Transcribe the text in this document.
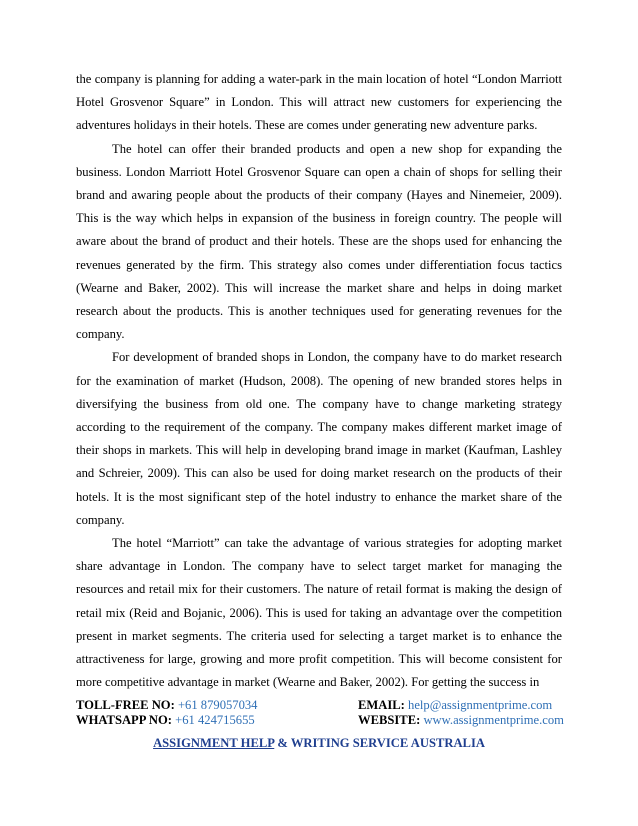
the company is planning for adding a water-park in the main location of hotel “London Marriott Hotel Grosvenor Square” in London. This will attract new customers for experiencing the adventures holidays in their hotels. These are comes under generating new adventure parks.

The hotel can offer their branded products and open a new shop for expanding the business. London Marriott Hotel Grosvenor Square can open a chain of shops for selling their brand and awaring people about the products of their company (Hayes and Ninemeier, 2009). This is the way which helps in expansion of the business in foreign country. The people will aware about the brand of product and their hotels. These are the shops used for enhancing the revenues generated by the firm. This strategy also comes under differentiation focus tactics (Wearne and Baker, 2002). This will increase the market share and helps in doing market research about the products. This is another techniques used for generating revenues for the company.

For development of branded shops in London, the company have to do market research for the examination of market (Hudson, 2008). The opening of new branded stores helps in diversifying the business from old one. The company have to change marketing strategy according to the requirement of the company. The company makes different market image of their shops in markets. This will help in developing brand image in market (Kaufman, Lashley and Schreier, 2009). This can also be used for doing market research on the products of their hotels. It is the most significant step of the hotel industry to enhance the market share of the company.

The hotel “Marriott” can take the advantage of various strategies for adopting market share advantage in London. The company have to select target market for managing the resources and retail mix for their customers. The nature of retail format is making the design of retail mix (Reid and Bojanic, 2006). This is used for taking an advantage over the competition present in market segments. The criteria used for selecting a target market is to enhance the attractiveness for large, growing and more profit competition. This will become consistent for more competitive advantage in market (Wearne and Baker, 2002). For getting the success in

TOLL-FREE NO: +61 879057034	EMAIL: help@assignmentprime.com
WHATSAPP NO: +61 424715655	WEBSITE: www.assignmentprime.com
ASSIGNMENT HELP & WRITING SERVICE AUSTRALIA
